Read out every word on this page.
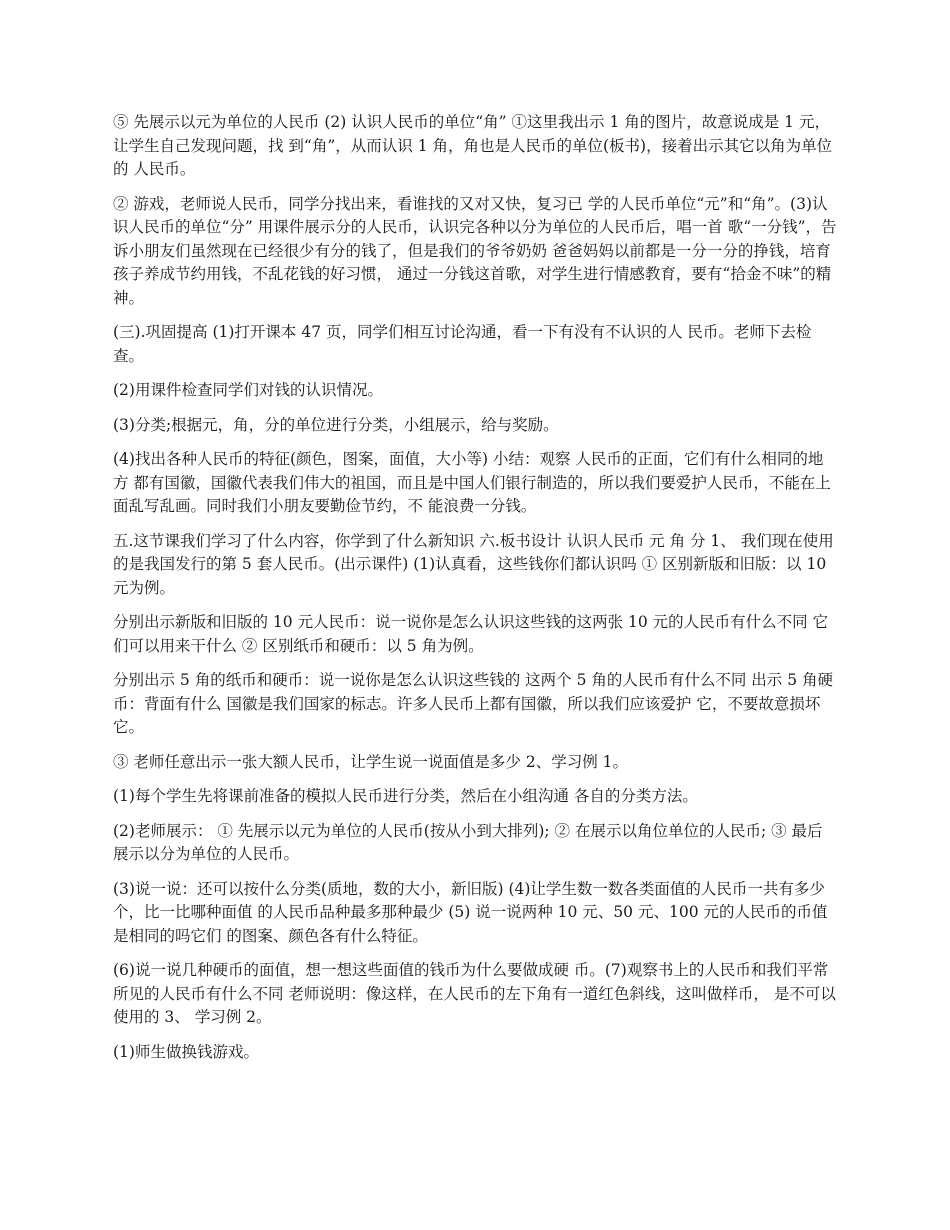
⑤ 先展示以元为单位的人民币 (2) 认识人民币的单位“角” ①这里我出示 1 角的图片，故意说成是 1 元，让学生自己发现问题，找 到“角”，从而认识 1 角，角也是人民币的单位(板书)，接着出示其它以角为单位的 人民币。

② 游戏，老师说人民币，同学分找出来，看谁找的又对又快，复习已 学的人民币单位“元”和“角”。(3)认识人民币的单位“分” 用课件展示分的人民币，认识完各种以分为单位的人民币后，唱一首 歌“一分钱”，告诉小朋友们虽然现在已经很少有分的钱了，但是我们的爷爷奶奶 爸爸妈妈以前都是一分一分的挣钱，培育孩子养成节约用钱，不乱花钱的好习惯， 通过一分钱这首歌，对学生进行情感教育，要有“拾金不味”的精神。

(三).巩固提高 (1)打开课本 47 页，同学们相互讨论沟通，看一下有没有不认识的人 民币。老师下去检查。

(2)用课件检查同学们对钱的认识情况。

(3)分类;根据元，角，分的单位进行分类，小组展示，给与奖励。

(4)找出各种人民币的特征(颜色，图案，面值，大小等) 小结：观察 人民币的正面，它们有什么相同的地方 都有国徽，国徽代表我们伟大的祖国，而且是中国人们银行制造的，所以我们要爱护人民币，不能在上面乱写乱画。同时我们小朋友要勤俭节约，不 能浪费一分钱。

五.这节课我们学习了什么内容，你学到了什么新知识 六.板书设计 认识人民币 元 角 分 1、 我们现在使用的是我国发行的第 5 套人民币。(出示课件) (1)认真看，这些钱你们都认识吗 ① 区别新版和旧版：以 10 元为例。

分别出示新版和旧版的 10 元人民币：说一说你是怎么认识这些钱的这两张 10 元的人民币有什么不同 它们可以用来干什么 ② 区别纸币和硬币：以 5 角为例。

分别出示 5 角的纸币和硬币：说一说你是怎么认识这些钱的 这两个 5 角的人民币有什么不同 出示 5 角硬币：背面有什么 国徽是我们国家的标志。许多人民币上都有国徽，所以我们应该爱护 它，不要故意损坏它。

③ 老师任意出示一张大额人民币，让学生说一说面值是多少 2、学习例 1。

(1)每个学生先将课前准备的模拟人民币进行分类，然后在小组沟通 各自的分类方法。

(2)老师展示： ① 先展示以元为单位的人民币(按从小到大排列); ② 在展示以角位单位的人民币; ③ 最后展示以分为单位的人民币。

(3)说一说：还可以按什么分类(质地，数的大小，新旧版) (4)让学生数一数各类面值的人民币一共有多少个，比一比哪种面值 的人民币品种最多那种最少 (5) 说一说两种 10 元、50 元、100 元的人民币的币值是相同的吗它们 的图案、颜色各有什么特征。

(6)说一说几种硬币的面值，想一想这些面值的钱币为什么要做成硬 币。(7)观察书上的人民币和我们平常所见的人民币有什么不同 老师说明：像这样，在人民币的左下角有一道红色斜线，这叫做样币， 是不可以使用的 3、 学习例 2。

(1)师生做换钱游戏。
